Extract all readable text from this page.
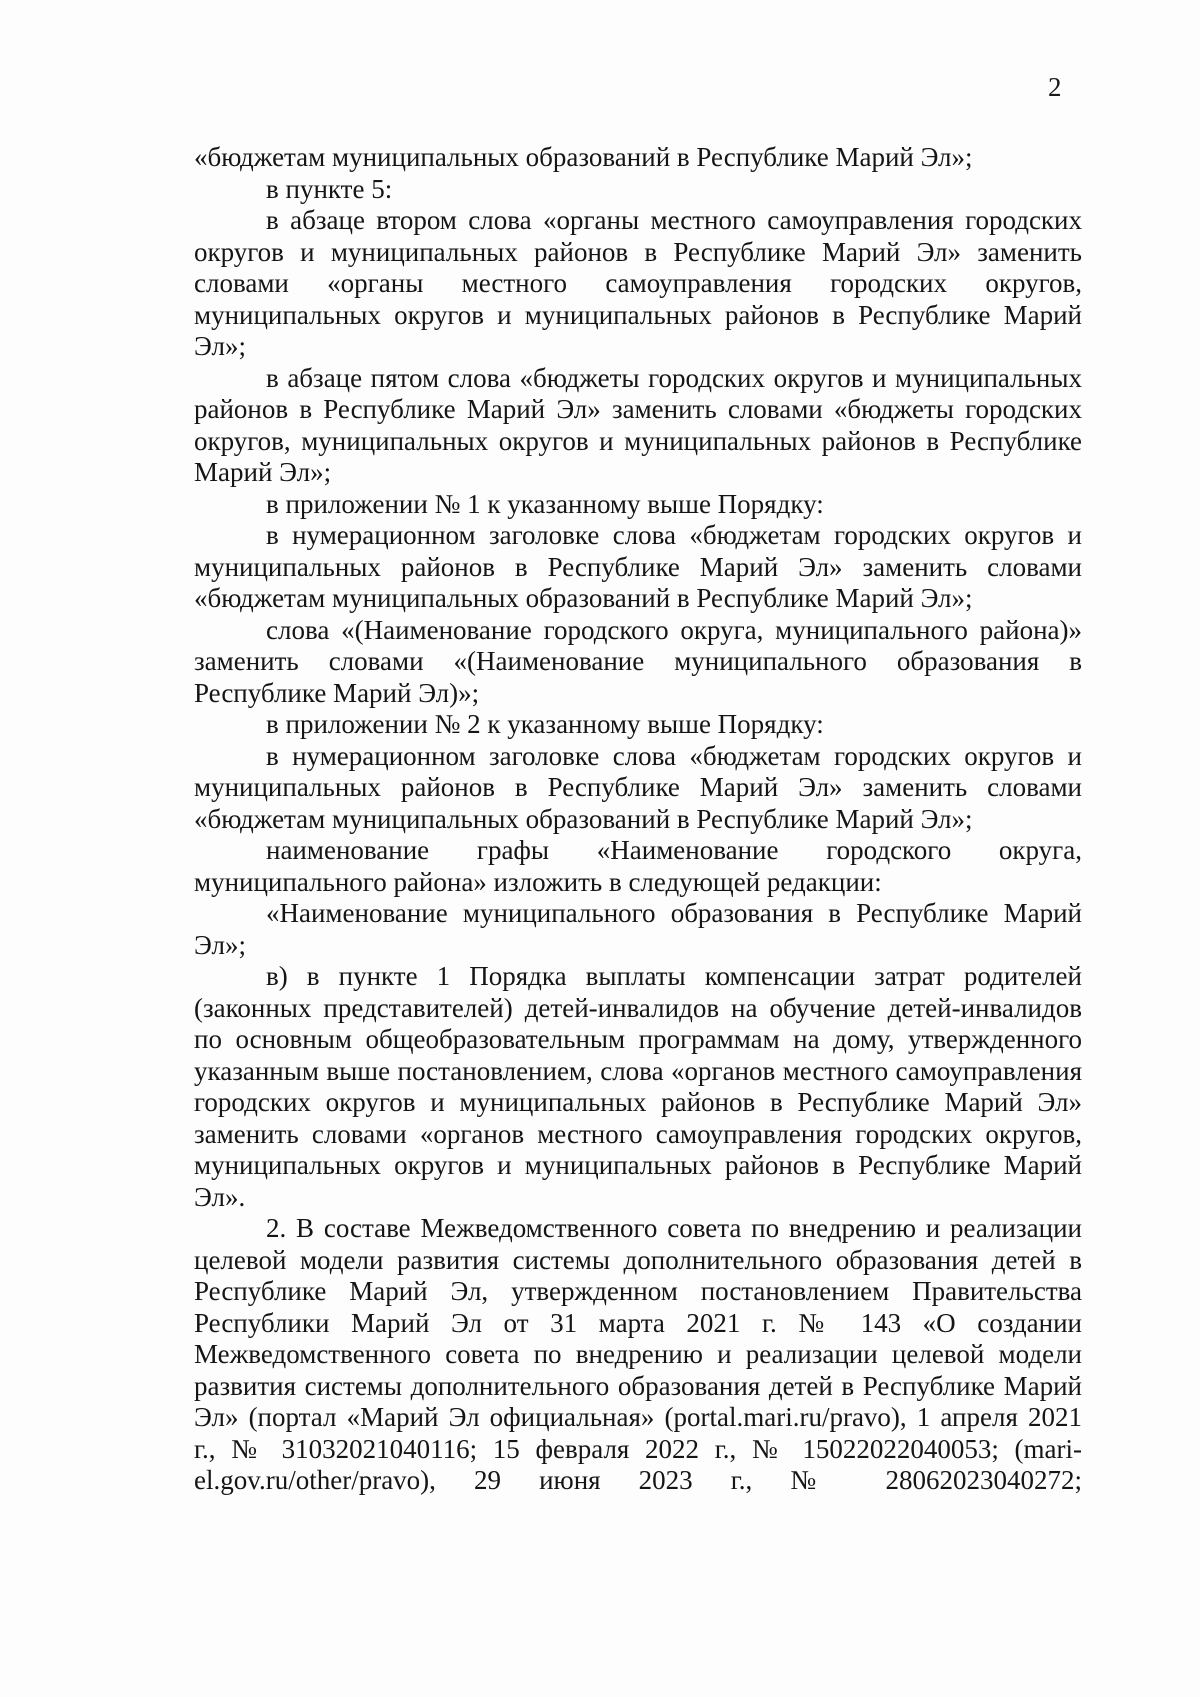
2

«бюджетам муниципальных образований в Республике Марий Эл»;

в пункте 5:

в абзаце втором слова «органы местного самоуправления городских округов и муниципальных районов в Республике Марий Эл» заменить словами «органы местного самоуправления городских округов, муниципальных округов и муниципальных районов в Республике Марий Эл»;

в абзаце пятом слова «бюджеты городских округов и муниципальных районов в Республике Марий Эл» заменить словами «бюджеты городских округов, муниципальных округов и муниципальных районов в Республике Марий Эл»;

в приложении № 1 к указанному выше Порядку:

в нумерационном заголовке слова «бюджетам городских округов и муниципальных районов в Республике Марий Эл» заменить словами «бюджетам муниципальных образований в Республике Марий Эл»;

слова «(Наименование городского округа, муниципального района)» заменить словами «(Наименование муниципального образования в Республике Марий Эл)»;

в приложении № 2 к указанному выше Порядку:

в нумерационном заголовке слова «бюджетам городских округов и муниципальных районов в Республике Марий Эл» заменить словами «бюджетам муниципальных образований в Республике Марий Эл»;

наименование графы «Наименование городского округа, муниципального района» изложить в следующей редакции:

«Наименование муниципального образования в Республике Марий Эл»;

в) в пункте 1 Порядка выплаты компенсации затрат родителей (законных представителей) детей-инвалидов на обучение детей-инвалидов по основным общеобразовательным программам на дому, утвержденного указанным выше постановлением, слова «органов местного самоуправления городских округов и муниципальных районов в Республике Марий Эл» заменить словами «органов местного самоуправления городских округов, муниципальных округов и муниципальных районов в Республике Марий Эл».

2. В составе Межведомственного совета по внедрению и реализации целевой модели развития системы дополнительного образования детей в Республике Марий Эл, утвержденном постановлением Правительства Республики Марий Эл от 31 марта 2021 г. № 143 «О создании Межведомственного совета по внедрению и реализации целевой модели развития системы дополнительного образования детей в Республике Марий Эл» (портал «Марий Эл официальная» (portal.mari.ru/pravo), 1 апреля 2021 г., № 31032021040116; 15 февраля 2022 г., № 15022022040053; (mari-el.gov.ru/other/pravo), 29 июня 2023 г., № 28062023040272;
